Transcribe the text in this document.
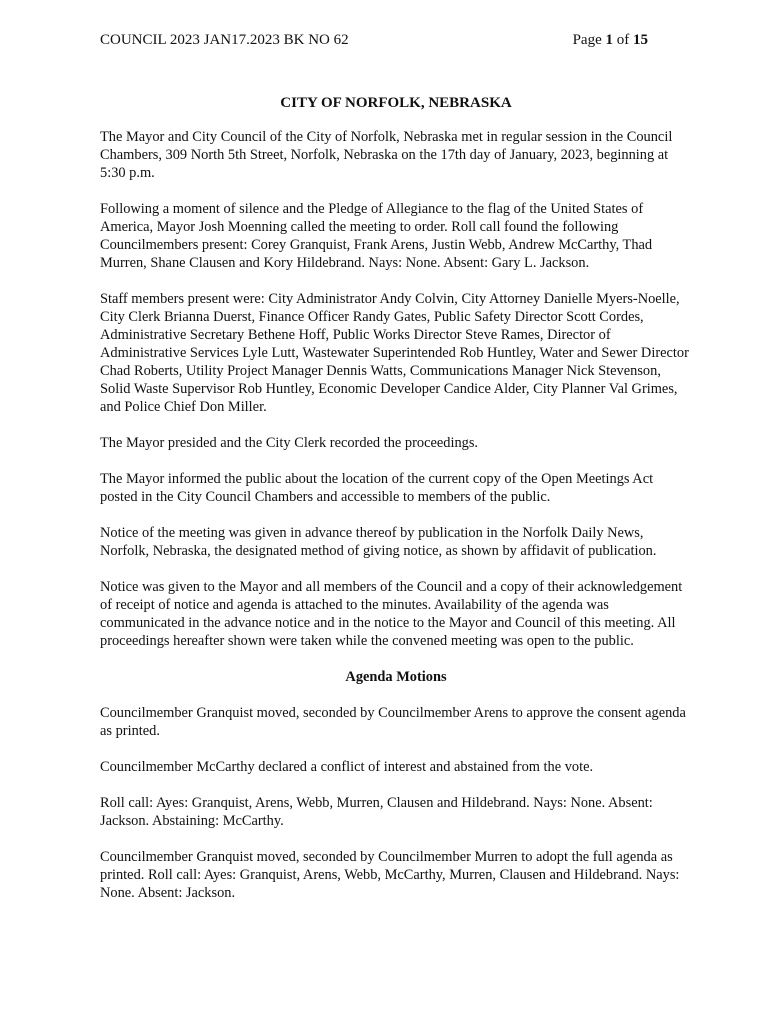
COUNCIL 2023 JAN17.2023 BK NO 62	Page 1 of 15
CITY OF NORFOLK, NEBRASKA

The Mayor and City Council of the City of Norfolk, Nebraska met in regular session in the Council Chambers, 309 North 5th Street, Norfolk, Nebraska on the 17th day of January, 2023, beginning at 5:30 p.m.

Following a moment of silence and the Pledge of Allegiance to the flag of the United States of America, Mayor Josh Moenning called the meeting to order. Roll call found the following Councilmembers present: Corey Granquist, Frank Arens, Justin Webb, Andrew McCarthy, Thad Murren, Shane Clausen and Kory Hildebrand. Nays: None. Absent: Gary L. Jackson.

Staff members present were: City Administrator Andy Colvin, City Attorney Danielle Myers-Noelle, City Clerk Brianna Duerst, Finance Officer Randy Gates, Public Safety Director Scott Cordes, Administrative Secretary Bethene Hoff, Public Works Director Steve Rames, Director of Administrative Services Lyle Lutt, Wastewater Superintended Rob Huntley, Water and Sewer Director Chad Roberts, Utility Project Manager Dennis Watts, Communications Manager Nick Stevenson, Solid Waste Supervisor Rob Huntley, Economic Developer Candice Alder, City Planner Val Grimes, and Police Chief Don Miller.

The Mayor presided and the City Clerk recorded the proceedings.

The Mayor informed the public about the location of the current copy of the Open Meetings Act posted in the City Council Chambers and accessible to members of the public.

Notice of the meeting was given in advance thereof by publication in the Norfolk Daily News, Norfolk, Nebraska, the designated method of giving notice, as shown by affidavit of publication.

Notice was given to the Mayor and all members of the Council and a copy of their acknowledgement of receipt of notice and agenda is attached to the minutes. Availability of the agenda was communicated in the advance notice and in the notice to the Mayor and Council of this meeting. All proceedings hereafter shown were taken while the convened meeting was open to the public.

Agenda Motions

Councilmember Granquist moved, seconded by Councilmember Arens to approve the consent agenda as printed.

Councilmember McCarthy declared a conflict of interest and abstained from the vote.

Roll call: Ayes: Granquist, Arens, Webb, Murren, Clausen and Hildebrand. Nays: None. Absent: Jackson. Abstaining: McCarthy.

Councilmember Granquist moved, seconded by Councilmember Murren to adopt the full agenda as printed. Roll call: Ayes: Granquist, Arens, Webb, McCarthy, Murren, Clausen and Hildebrand. Nays: None. Absent: Jackson.
